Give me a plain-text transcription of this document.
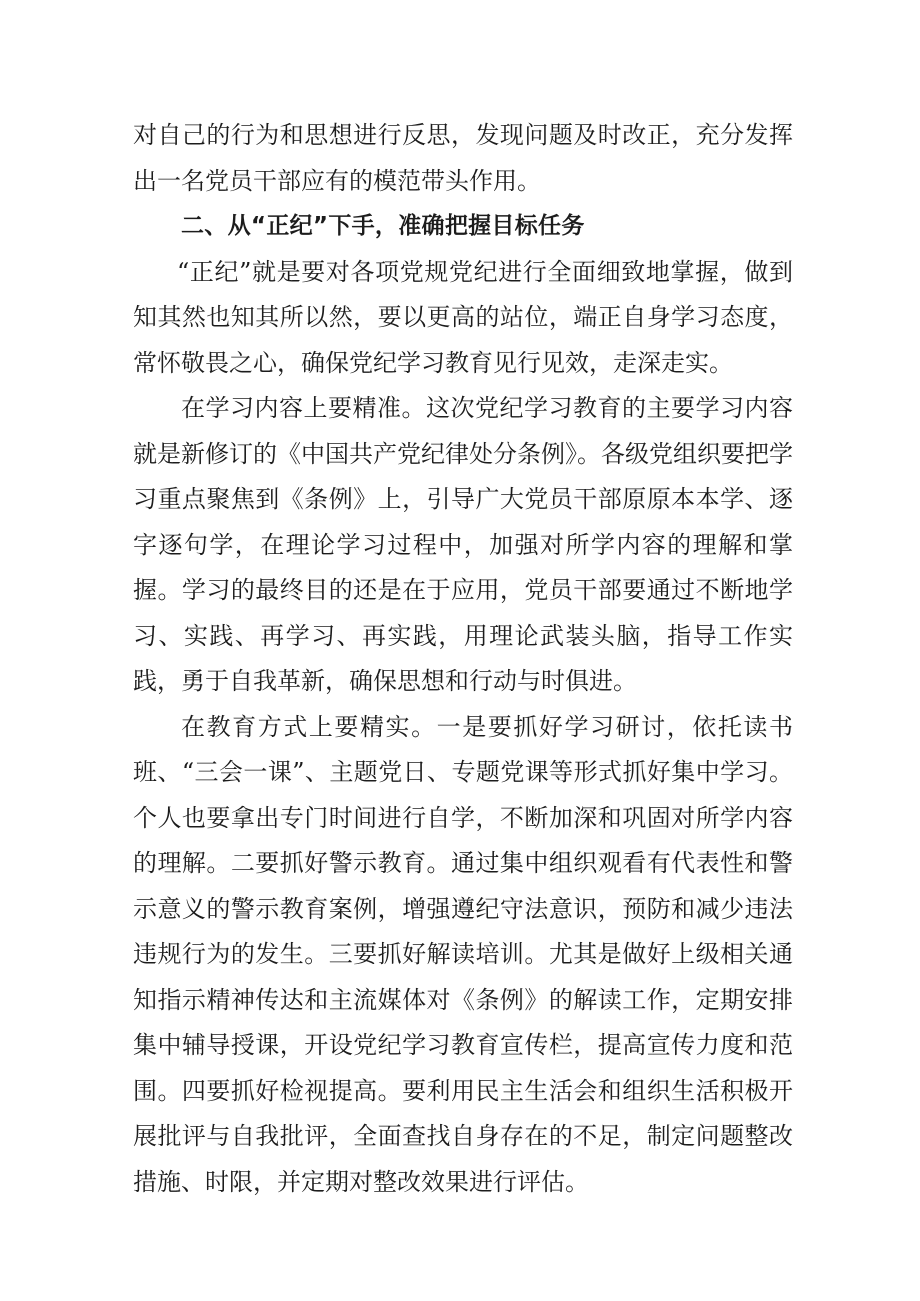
对自己的行为和思想进行反思，发现问题及时改正，充分发挥出一名党员干部应有的模范带头作用。

二、从“正纪”下手，准确把握目标任务

“正纪”就是要对各项党规党纪进行全面细致地掌握，做到知其然也知其所以然，要以更高的站位，端正自身学习态度，常怀敬畏之心，确保党纪学习教育见行见效，走深走实。

在学习内容上要精准。这次党纪学习教育的主要学习内容就是新修订的《中国共产党纪律处分条例》。各级党组织要把学习重点聚焦到《条例》上，引导广大党员干部原原本本学、逐字逐句学，在理论学习过程中，加强对所学内容的理解和掌握。学习的最终目的还是在于应用，党员干部要通过不断地学习、实践、再学习、再实践，用理论武装头脑，指导工作实践，勇于自我革新，确保思想和行动与时俱进。

在教育方式上要精实。一是要抓好学习研讨，依托读书班、“三会一课”、主题党日、专题党课等形式抓好集中学习。个人也要拿出专门时间进行自学，不断加深和巩固对所学内容的理解。二要抓好警示教育。通过集中组织观看有代表性和警示意义的警示教育案例，增强遵纪守法意识，预防和减少违法违规行为的发生。三要抓好解读培训。尤其是做好上级相关通知指示精神传达和主流媒体对《条例》的解读工作，定期安排集中辅导授课，开设党纪学习教育宣传栏，提高宣传力度和范围。四要抓好检视提高。要利用民主生活会和组织生活积极开展批评与自我批评，全面查找自身存在的不足，制定问题整改措施、时限，并定期对整改效果进行评估。
